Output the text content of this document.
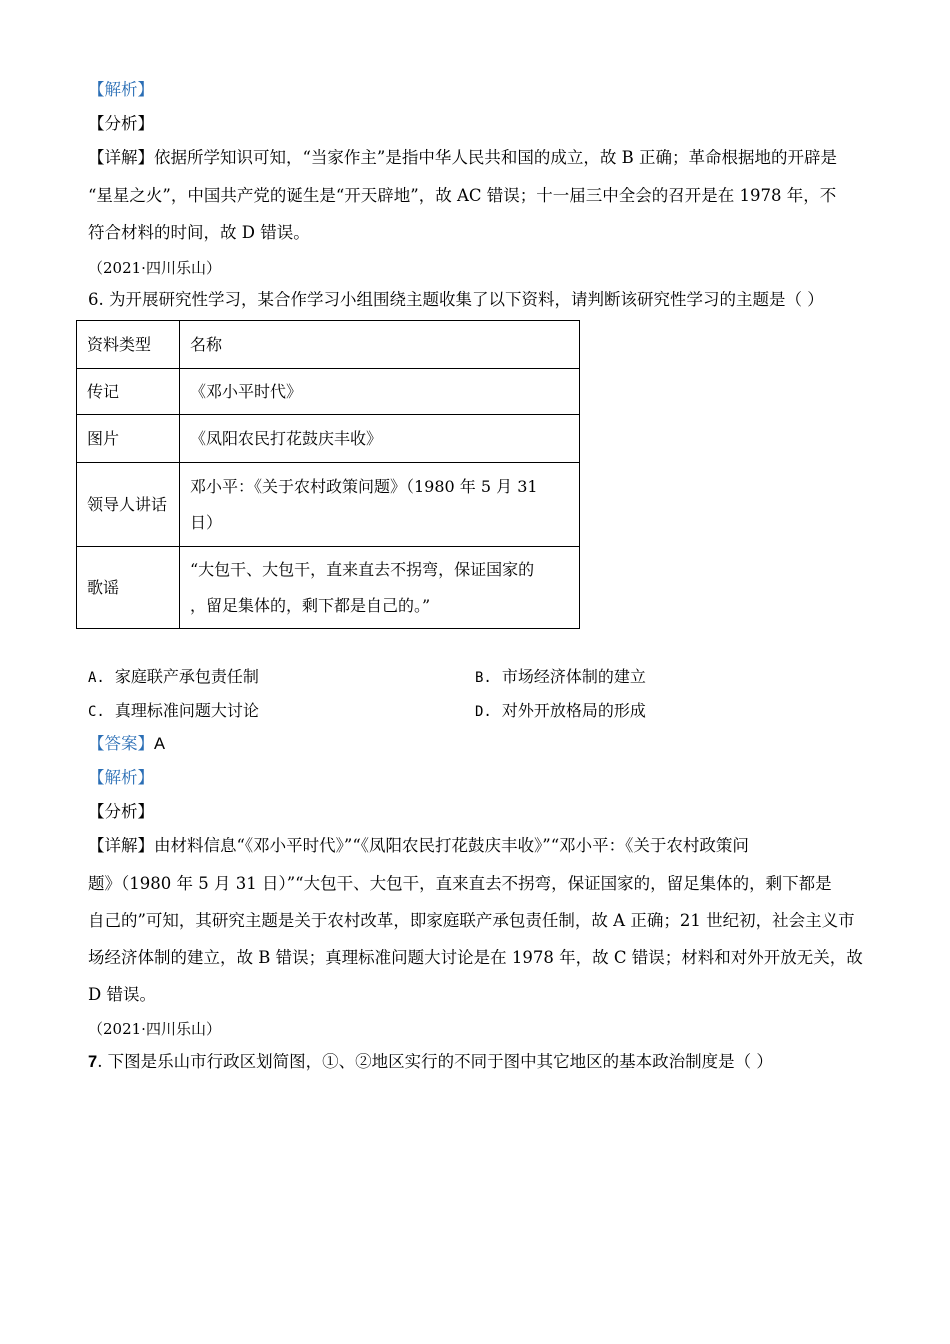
【解析】
【分析】
【详解】依据所学知识可知，“当家作主”是指中华人民共和国的成立，故 B 正确；革命根据地的开辟是
“星星之火”，中国共产党的诞生是“开天辟地”，故 AC 错误；十一届三中全会的召开是在 1978 年，不
符合材料的时间，故 D 错误。
（2021·四川乐山）
6. 为开展研究性学习，某合作学习小组围绕主题收集了以下资料，请判断该研究性学习的主题是（ ）
资料类型	名称
传记	《邓小平时代》
图片	《凤阳农民打花鼓庆丰收》
领导人讲话	邓小平：《关于农村政策问题》（1980 年 5 月 31
日）

歌谣	“大包干、大包干，直来直去不拐弯，保证国家的
，留足集体的，剩下都是自己的。”
A. 家庭联产承包责任制	B. 市场经济体制的建立
C. 真理标准问题大讨论	D. 对外开放格局的形成
【答案】A
【解析】
【分析】
【详解】由材料信息“《邓小平时代》”“《凤阳农民打花鼓庆丰收》”“邓小平：《关于农村政策问
题》（1980 年 5 月 31 日）”“大包干、大包干，直来直去不拐弯，保证国家的，留足集体的，剩下都是
自己的”可知，其研究主题是关于农村改革，即家庭联产承包责任制，故 A 正确；21 世纪初，社会主义市
场经济体制的建立，故 B 错误；真理标准问题大讨论是在 1978 年，故 C 错误；材料和对外开放无关，故
D 错误。
（2021·四川乐山）
7. 下图是乐山市行政区划简图，①、②地区实行的不同于图中其它地区的基本政治制度是（ ）
